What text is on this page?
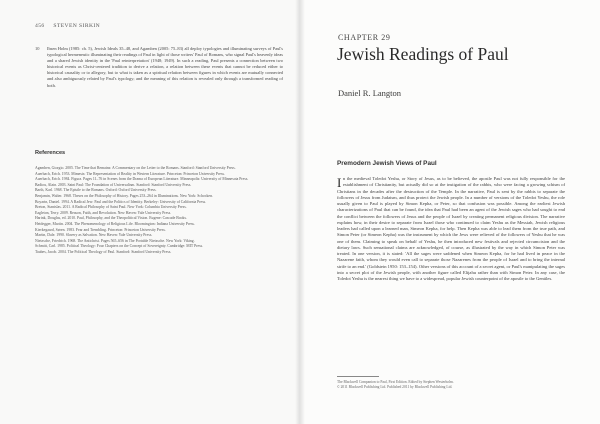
456 STEVEN SIRKIN
10 Ibsen Holm (1985: ch. 5), Jewish Ideals 35–48, and Agamben (2005: 75–83) all deploy typologies and illuminating surveys of Paul's typological hermeneutic illuminating their readings of Paul in light of those writers' Paul of Romans, who signal Paul's heavenly ideas and a shared Jewish identity in the 'Paul reinterpretation' (1948; 1949). In such a reading, Paul presents a connection between two historical events as Christ-centered tradition to derive a relation, a relation between these events that cannot be reduced either to historical causality or to allegory, but to what is taken as a spiritual relation between figures in which events are mutually connected and also ambiguously related by Paul's typology; and the meaning of this relation is revealed only through a transformed reading of both.
References
Agamben, Giorgio. 2005. The Time that Remains: A Commentary on the Letter to the Romans. Stanford: Stanford University Press.
Auerbach, Erich. 1953. Mimesis: The Representation of Reality in Western Literature. Princeton: Princeton University Press.
Auerbach, Erich. 1984. Figura. Pages 11–76 in Scenes from the Drama of European Literature. Minneapolis: University of Minnesota Press.
Badiou, Alain. 2003. Saint Paul: The Foundation of Universalism. Stanford: Stanford University Press.
Barth, Karl. 1968. The Epistle to the Romans. Oxford: Oxford University Press.
Benjamin, Walter. 1968. Theses on the Philosophy of History. Pages 253–264 in Illuminations. New York: Schocken.
Boyarin, Daniel. 1994. A Radical Jew: Paul and the Politics of Identity. Berkeley: University of California Press.
Breton, Stanislas. 2011. A Radical Philosophy of Saint Paul. New York: Columbia University Press.
Eagleton, Terry. 2009. Reason, Faith, and Revolution. New Haven: Yale University Press.
Harink, Douglas, ed. 2010. Paul, Philosophy, and the Theopolitical Vision. Eugene: Cascade Books.
Heidegger, Martin. 2004. The Phenomenology of Religious Life. Bloomington: Indiana University Press.
Kierkegaard, Søren. 1983. Fear and Trembling. Princeton: Princeton University Press.
Martin, Dale. 1990. Slavery as Salvation. New Haven: Yale University Press.
Nietzsche, Friedrich. 1968. The Antichrist. Pages 565–656 in The Portable Nietzsche. New York: Viking.
Schmitt, Carl. 1985. Political Theology: Four Chapters on the Concept of Sovereignty. Cambridge: MIT Press.
Taubes, Jacob. 2004. The Political Theology of Paul. Stanford: Stanford University Press.
CHAPTER 29
Jewish Readings of Paul
Daniel R. Langton
Premodern Jewish Views of Paul
In the medieval Toledot Yeshu, or Story of Jesus, as to be believed, the apostle Paul was not fully responsible for the establishment of Christianity, but actually did so at the instigation of the rabbis, who were facing a growing schism of Christians in the decades after the destruction of the Temple. In the narrative, Paul is sent by the rabbis to separate the followers of Jesus from Judaism, and thus protect the Jewish people. In a number of versions of the Toledot Yeshu, the role usually given to Paul is played by Simon Kepha, or Peter, so that confusion was possible. Among the earliest Jewish characterizations of Paul that can be found, the idea that Paul had been an agent of the Jewish sages who had sought to end the conflict between the followers of Jesus and the people of Israel by creating permanent religious division. The narrative explains how, in their desire to separate from Israel those who continued to claim Yeshu as the Messiah, Jewish religious leaders had called upon a learned man, Simeon Kepha, for help. Then Kepha was able to lead them from the true path, and Simon Peter (or Simeon Kepha) was the instrument by which the Jews were relieved of the followers of Yeshu that he was one of them. Claiming to speak on behalf of Yeshu, he then introduced new festivals and rejected circumcision and the dietary laws. Such sensational claims are acknowledged, of course, as illustrated by the way in which Simon Peter was treated. In one version, it is stated: 'All the sages were saddened when Simeon Kepha, for he had lived in peace in the Nazarene faith, whom they would even call to separate those Nazarenes from the people of Israel and to bring the internal strife to an end.' (Goldstein 1950: 153–154). Other versions of this account of a secret agent, or Paul's manipulating the sages into a secret plot of the Jewish people, with another figure called Elijahu rather than with Simon Peter. In any case, the Toledot Yeshu is the nearest thing we have to a widespread, popular Jewish counterpoint of the apostle to the Gentiles.
The Blackwell Companion to Paul, First Edition. Edited by Stephen Westerholm.
© 2011 Blackwell Publishing Ltd. Published 2011 by Blackwell Publishing Ltd.
